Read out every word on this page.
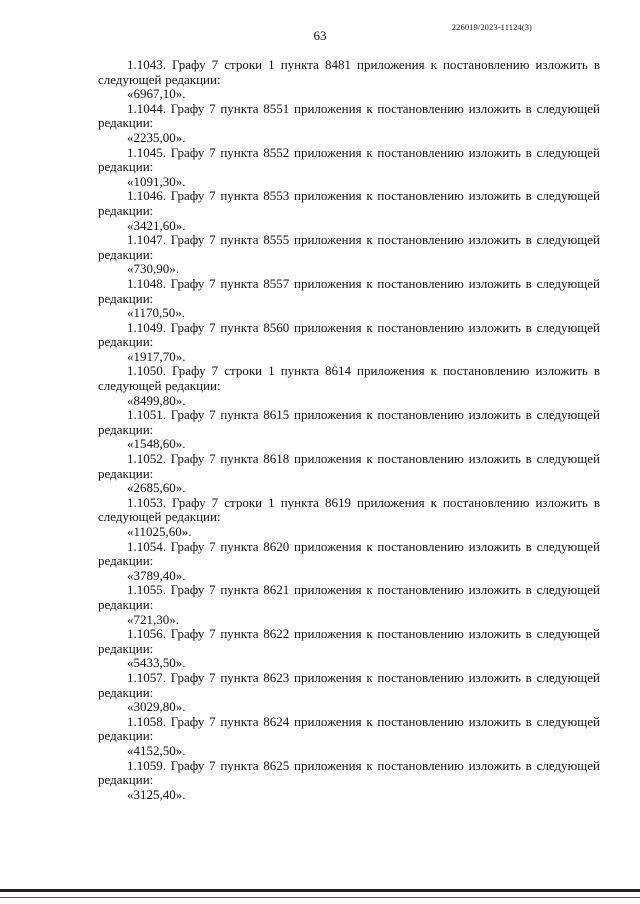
226019/2023-11124(3)
63

1.1043. Графу 7 строки 1 пункта 8481 приложения к постановлению изложить в следующей редакции:

«6967,10».

1.1044. Графу 7 пункта 8551 приложения к постановлению изложить в следующей редакции:

«2235,00».

1.1045. Графу 7 пункта 8552 приложения к постановлению изложить в следующей редакции:

«1091,30».

1.1046. Графу 7 пункта 8553 приложения к постановлению изложить в следующей редакции:

«3421,60».

1.1047. Графу 7 пункта 8555 приложения к постановлению изложить в следующей редакции:

«730,90».

1.1048. Графу 7 пункта 8557 приложения к постановлению изложить в следующей редакции:

«1170,50».

1.1049. Графу 7 пункта 8560 приложения к постановлению изложить в следующей редакции:

«1917,70».

1.1050. Графу 7 строки 1 пункта 8614 приложения к постановлению изложить в следующей редакции:

«8499,80».

1.1051. Графу 7 пункта 8615 приложения к постановлению изложить в следующей редакции:

«1548,60».

1.1052. Графу 7 пункта 8618 приложения к постановлению изложить в следующей редакции:

«2685,60».

1.1053. Графу 7 строки 1 пункта 8619 приложения к постановлению изложить в следующей редакции:

«11025,60».

1.1054. Графу 7 пункта 8620 приложения к постановлению изложить в следующей редакции:

«3789,40».

1.1055. Графу 7 пункта 8621 приложения к постановлению изложить в следующей редакции:

«721,30».

1.1056. Графу 7 пункта 8622 приложения к постановлению изложить в следующей редакции:

«5433,50».

1.1057. Графу 7 пункта 8623 приложения к постановлению изложить в следующей редакции:

«3029,80».

1.1058. Графу 7 пункта 8624 приложения к постановлению изложить в следующей редакции:

«4152,50».

1.1059. Графу 7 пункта 8625 приложения к постановлению изложить в следующей редакции:

«3125,40».
